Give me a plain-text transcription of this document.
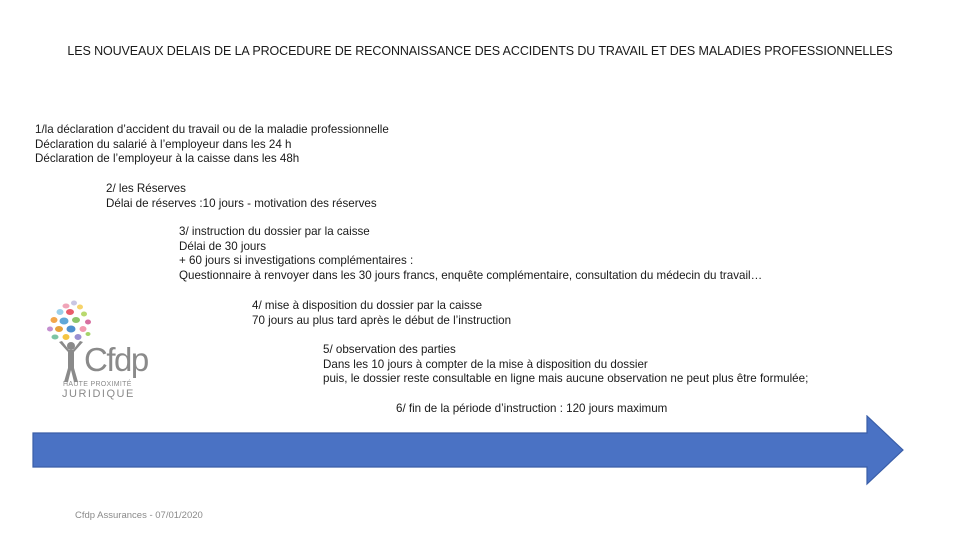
LES NOUVEAUX DELAIS DE LA PROCEDURE DE RECONNAISSANCE DES ACCIDENTS DU TRAVAIL ET DES MALADIES PROFESSIONNELLES
1/la déclaration d’accident du travail ou de la maladie professionnelle
Déclaration du salarié à l’employeur dans les 24 h
Déclaration de l’employeur à la caisse dans les 48h
2/ les Réserves
Délai de réserves :10 jours - motivation des réserves
3/ instruction du dossier par la caisse
Délai de 30 jours
+ 60 jours si investigations complémentaires :
Questionnaire à renvoyer dans les 30 jours francs, enquête complémentaire, consultation du médecin du travail…
4/ mise à disposition du dossier par la caisse
70 jours au plus tard après le début de l’instruction
5/ observation des parties
Dans les 10 jours à compter de la mise à disposition du dossier
puis, le dossier reste consultable en ligne mais aucune observation ne peut plus être formulée;
6/ fin de la période d’instruction : 120 jours maximum
Cfdp
HAUTE PROXIMITÉ
JURIDIQUE
Cfdp Assurances - 07/01/2020
